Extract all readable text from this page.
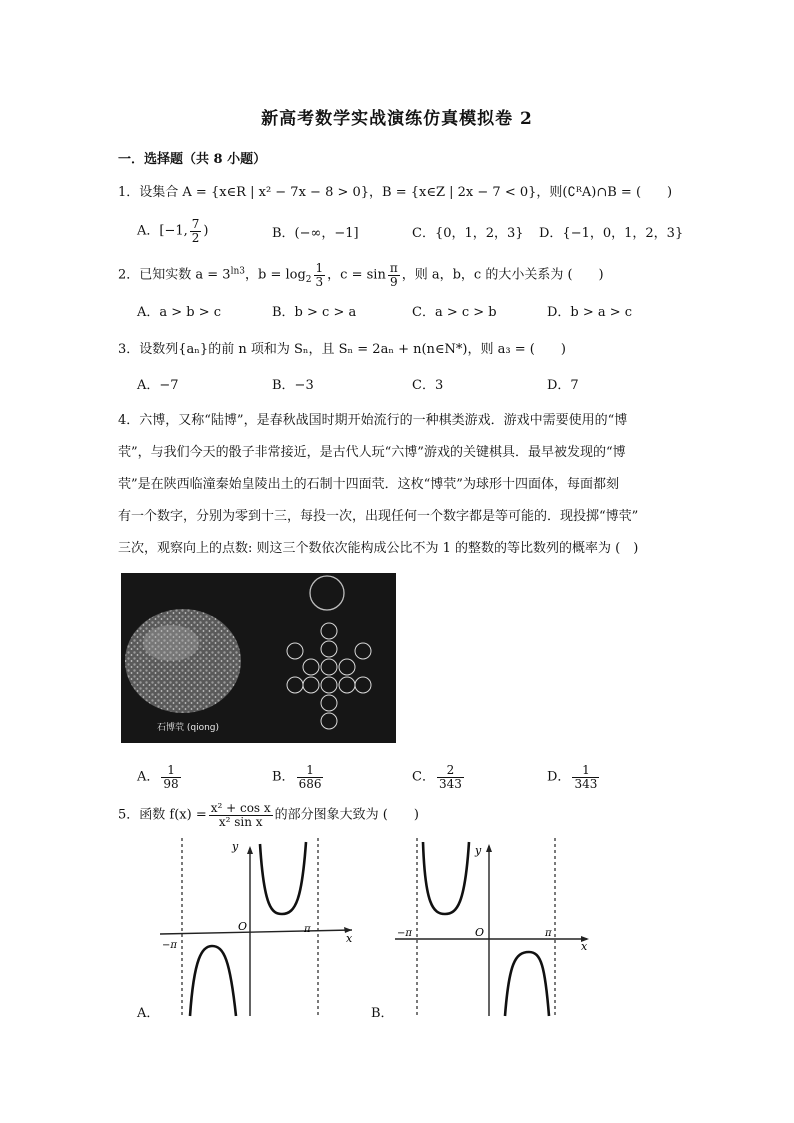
新高考数学实战演练仿真模拟卷 2
一．选择题（共 8 小题）
1．设集合 A = {x∈R | x² − 7x − 8 > 0}，B = {x∈Z | 2x − 7 < 0}，则(∁ᴿA)∩B = (　　)
A．[−1, $\frac{7}{2}$ )	B．(−∞，−1]	C．{0，1，2，3} D．{−1，0，1，2，3}
2．已知实数 $a = 3^{ln3}$，$b = \log_2 \frac{1}{3}$ ，$c = \sin \frac{\pi}{9}$ ，则 a，b，c 的大小关系为 (　　)
A．a > b > c	B．b > c > a	C．a > c > b	D．b > a > c
3．设数列{aₙ}的前 n 项和为 Sₙ，且 Sₙ = 2aₙ + n(n∈N*)，则 a₃ = (　　)
A．−7	B．−3	C．3	D．7
4．六博，又称“陆博”，是春秋战国时期开始流行的一种棋类游戏．游戏中需要使用的“博
茕”，与我们今天的骰子非常接近，是古代人玩“六博”游戏的关键棋具．最早被发现的“博
茕”是在陕西临潼秦始皇陵出土的石制十四面茕．这枚“博茕”为球形十四面体，每面都刻
有一个数字，分别为零到十三，每投一次，出现任何一个数字都是等可能的．现投掷“博茕”
三次，观察向上的点数: 则这三个数依次能构成公比不为 1 的整数的等比数列的概率为 (　)
石博茕 (qiong)
A． $\frac{1}{98}$	B． $\frac{1}{686}$	C． $\frac{2}{343}$	D． $\frac{1}{343}$
5．函数 $f(x) = \frac{\text{x² + cos x}}{\text{x² sin x}}$ 的部分图象大致为 (　　)
y
x
O
−π
π
A．
y
x
O
−π	π
B．
